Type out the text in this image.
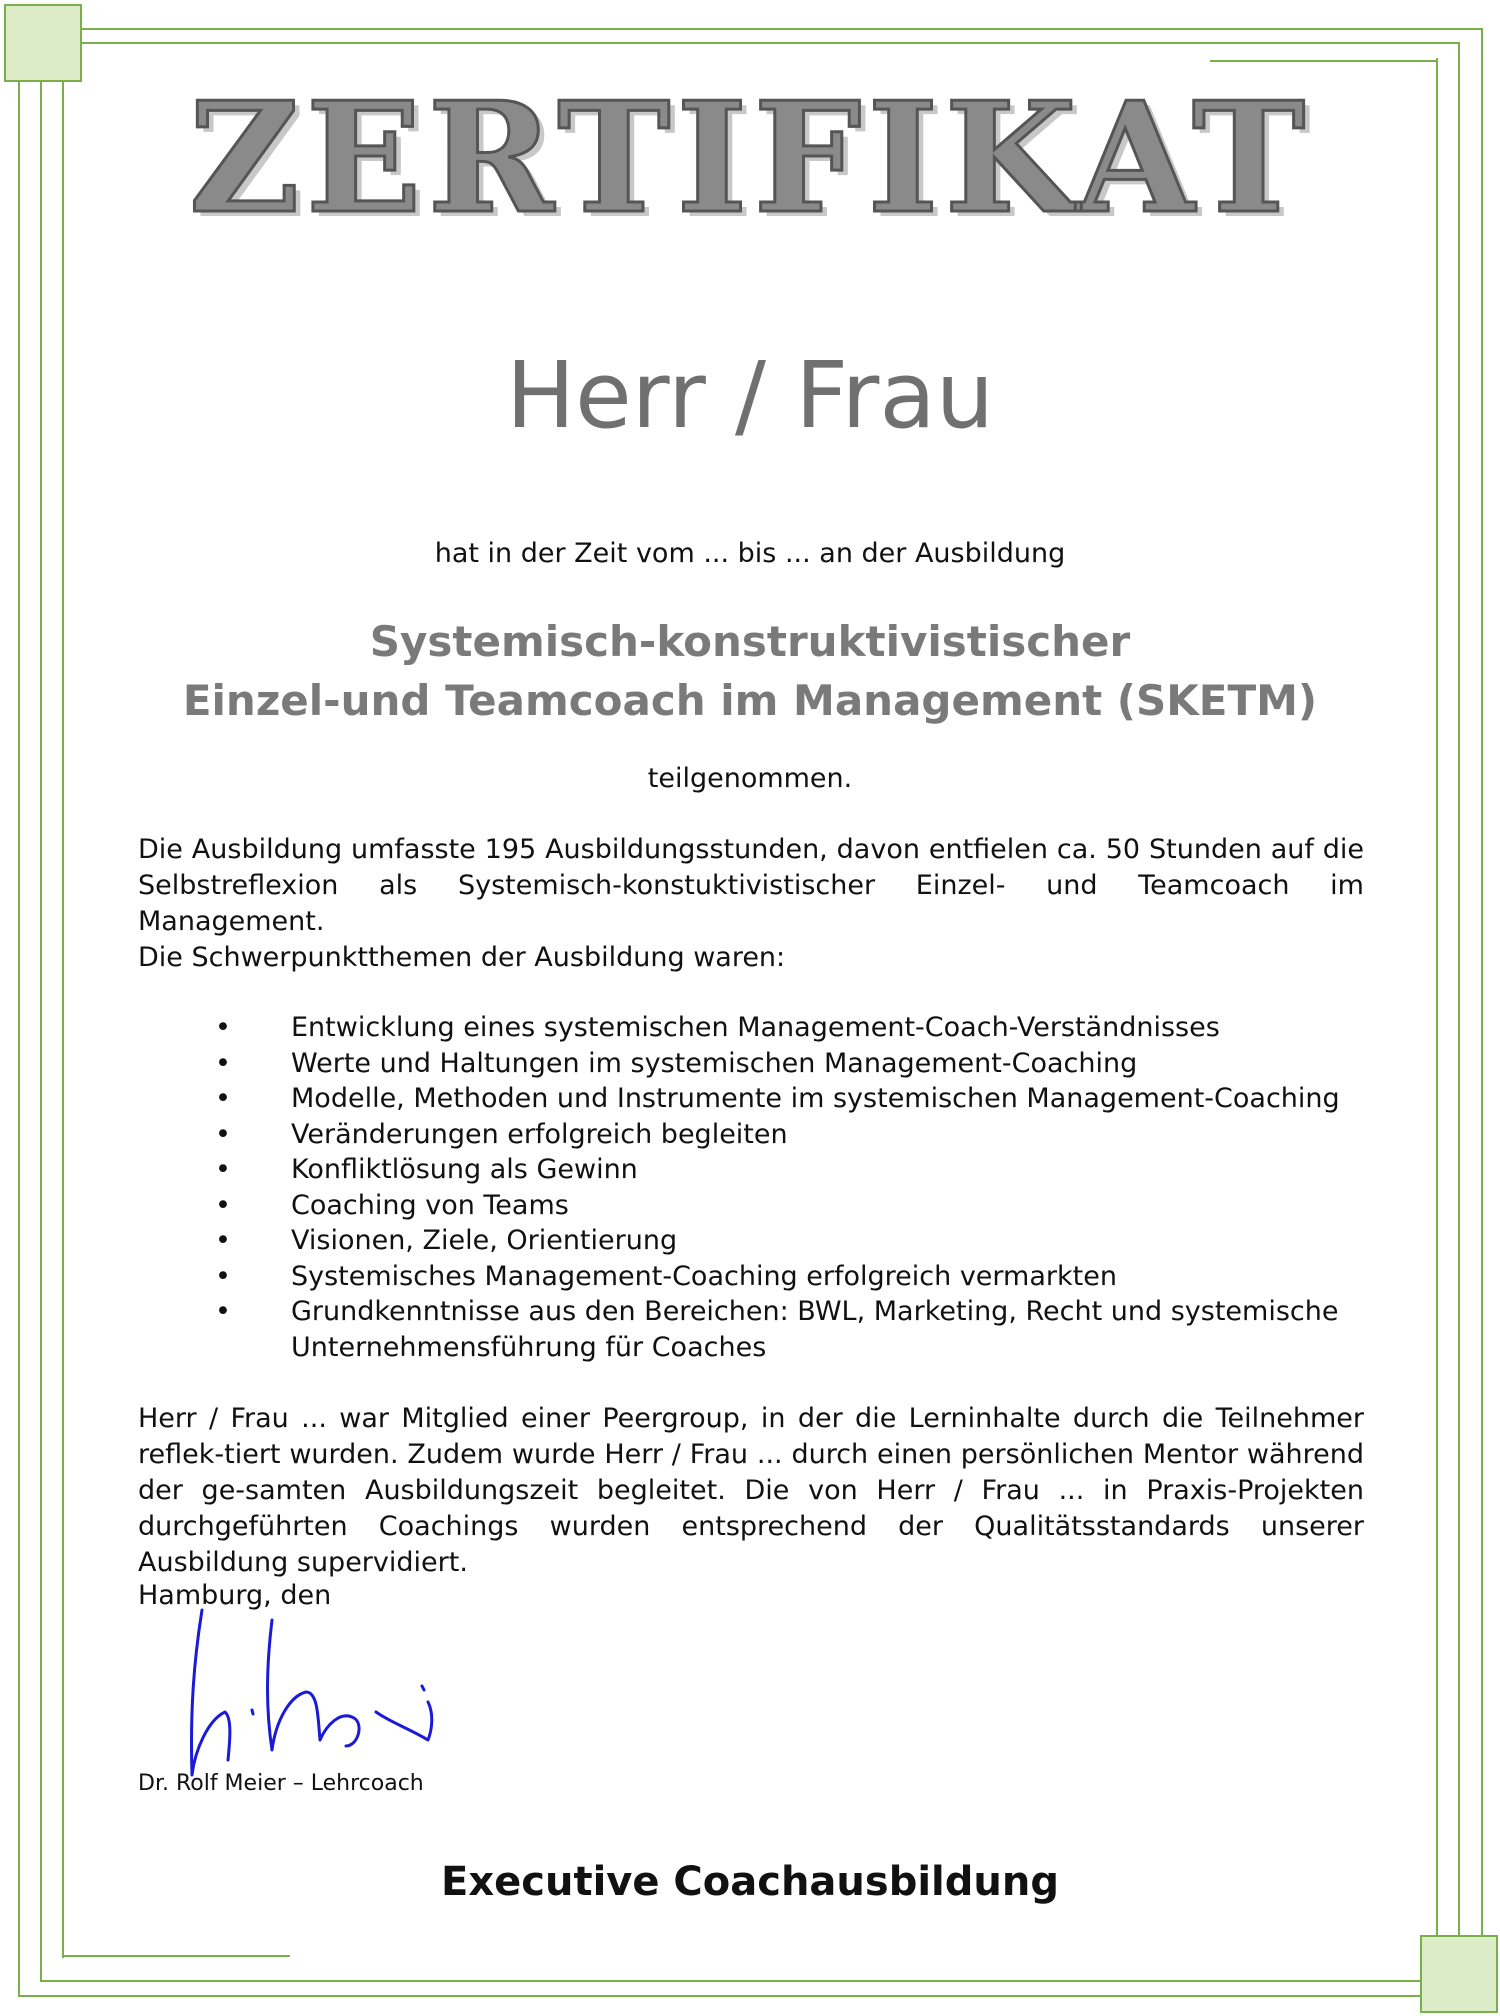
ZERTIFIKAT
Herr / Frau
hat in der Zeit vom ... bis ... an der Ausbildung
Systemisch-konstruktivistischer
Einzel-und Teamcoach im Management (SKETM)
teilgenommen.
Die Ausbildung umfasste 195 Ausbildungsstunden, davon entfielen ca. 50 Stunden auf die Selbstreflexion als Systemisch-konstuktivistischer Einzel- und Teamcoach im Management.
Die Schwerpunktthemen der Ausbildung waren:
• Entwicklung eines systemischen Management-Coach-Verständnisses
• Werte und Haltungen im systemischen Management-Coaching
• Modelle, Methoden und Instrumente im systemischen Management-Coaching
• Veränderungen erfolgreich begleiten
• Konfliktlösung als Gewinn
• Coaching von Teams
• Visionen, Ziele, Orientierung
• Systemisches Management-Coaching erfolgreich vermarkten
• Grundkenntnisse aus den Bereichen: BWL, Marketing, Recht und systemische Unternehmensführung für Coaches
Herr / Frau ... war Mitglied einer Peergroup, in der die Lerninhalte durch die Teilnehmer reflek-tiert wurden. Zudem wurde Herr / Frau ... durch einen persönlichen Mentor während der ge-samten Ausbildungszeit begleitet. Die von Herr / Frau ... in Praxis-Projekten durchgeführten Coachings wurden entsprechend der Qualitätsstandards unserer Ausbildung supervidiert.
Hamburg, den
Dr. Rolf Meier – Lehrcoach
Executive Coachausbildung
